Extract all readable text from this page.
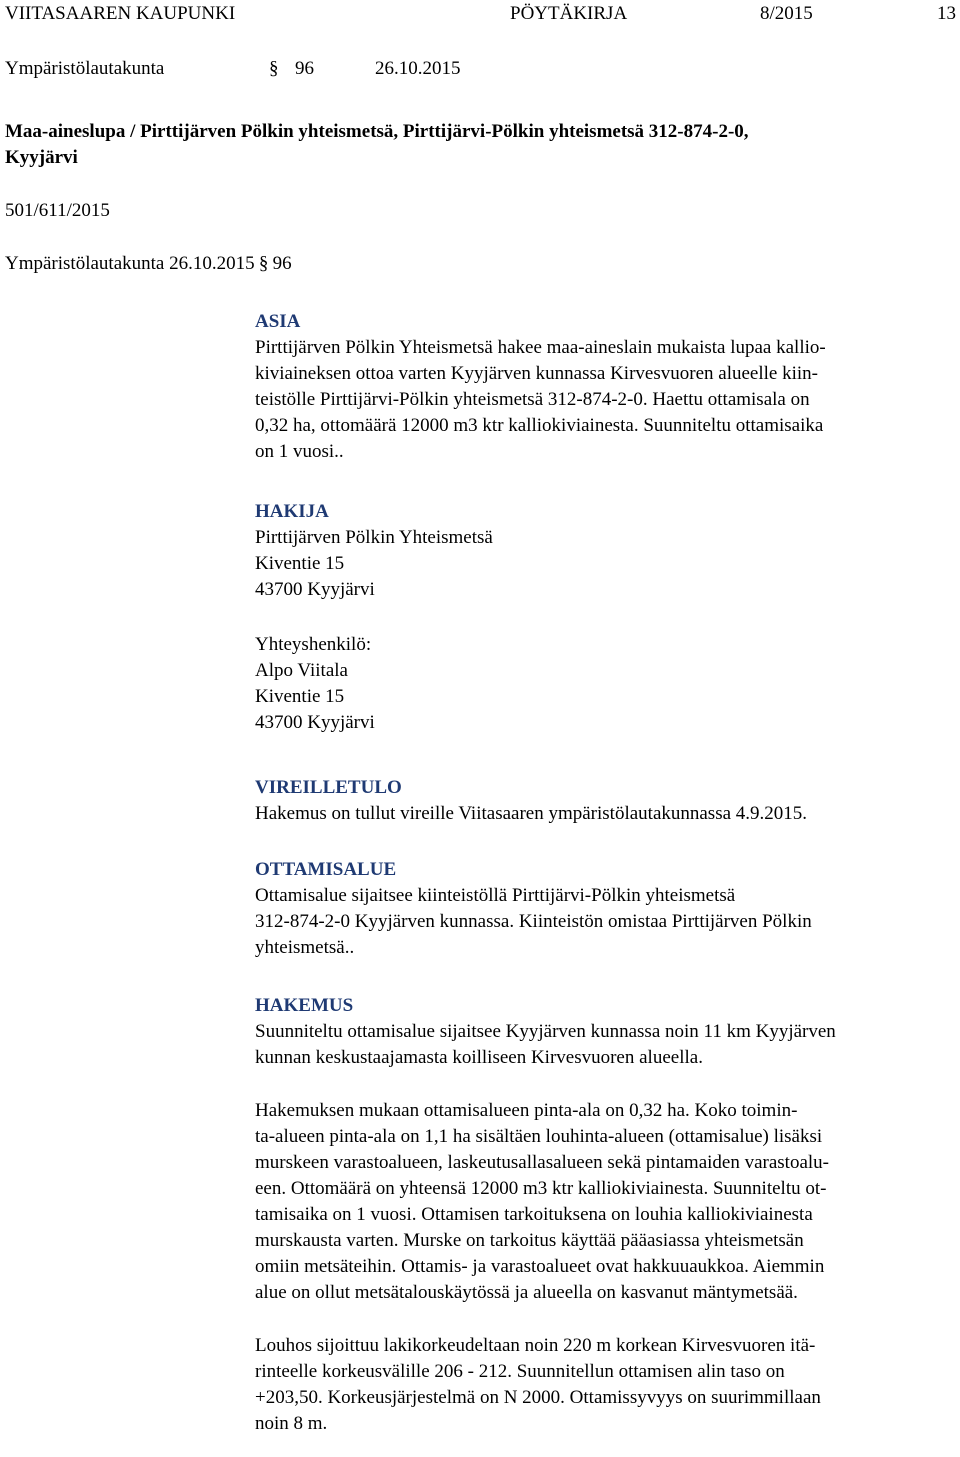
VIITASAAREN KAUPUNKI	PÖYTÄKIRJA	8/2015	13
Ympäristölautakunta	§ 96	26.10.2015
Maa-aineslupa / Pirttijärven Pölkin yhteismetsä, Pirttijärvi-Pölkin yhteismetsä 312-874-2-0,
Kyyjärvi
501/611/2015
Ympäristölautakunta 26.10.2015 § 96
ASIA

Pirttijärven Pölkin Yhteismetsä hakee maa-aineslain mukaista lupaa kallio-
kiviaineksen ottoa varten Kyyjärven kunnassa Kirvesvuoren alueelle kiin-
teistölle Pirttijärvi-Pölkin yhteismetsä 312-874-2-0. Haettu ottamisala on
0,32 ha, ottomäärä 12000 m3 ktr kalliokiviainesta. Suunniteltu ottamisaika
on 1 vuosi..

HAKIJA

Pirttijärven Pölkin Yhteismetsä
Kiventie 15
43700 Kyyjärvi
Yhteyshenkilö:
Alpo Viitala
Kiventie 15
43700 Kyyjärvi

VIREILLETULO

Hakemus on tullut vireille Viitasaaren ympäristölautakunnassa 4.9.2015.

OTTAMISALUE

Ottamisalue sijaitsee kiinteistöllä Pirttijärvi-Pölkin yhteismetsä
312-874-2-0 Kyyjärven kunnassa. Kiinteistön omistaa Pirttijärven Pölkin
yhteismetsä..

HAKEMUS

Suunniteltu ottamisalue sijaitsee Kyyjärven kunnassa noin 11 km Kyyjärven
kunnan keskustaajamasta koilliseen Kirvesvuoren alueella.

Hakemuksen mukaan ottamisalueen pinta-ala on 0,32 ha. Koko toimin-
ta-alueen pinta-ala on 1,1 ha sisältäen louhinta-alueen (ottamisalue) lisäksi
murskeen varastoalueen, laskeutusallasalueen sekä pintamaiden varastoalu-
een. Ottomäärä on yhteensä 12000 m3 ktr kalliokiviainesta. Suunniteltu ot-
tamisaika on 1 vuosi. Ottamisen tarkoituksena on louhia kalliokiviainesta
murskausta varten. Murske on tarkoitus käyttää pääasiassa yhteismetsän
omiin metsäteihin. Ottamis- ja varastoalueet ovat hakkuuaukkoa. Aiemmin
alue on ollut metsätalouskäytössä ja alueella on kasvanut mäntymetsää.

Louhos sijoittuu lakikorkeudeltaan noin 220 m korkean Kirvesvuoren itä-
rinteelle korkeusvälille 206 - 212. Suunnitellun ottamisen alin taso on
+203,50. Korkeusjärjestelmä on N 2000. Ottamissyvyys on suurimmillaan
noin 8 m.
